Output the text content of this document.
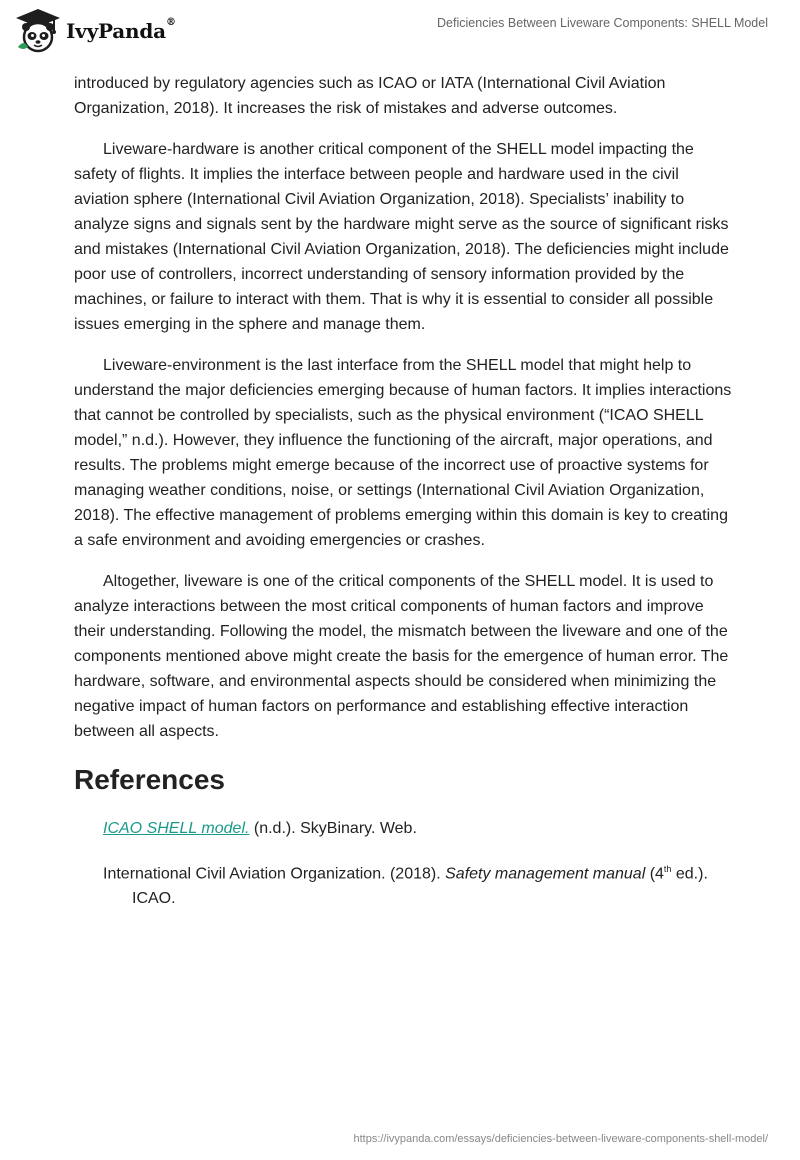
IvyPanda®	Deficiencies Between Liveware Components: SHELL Model

introduced by regulatory agencies such as ICAO or IATA (International Civil Aviation Organization, 2018). It increases the risk of mistakes and adverse outcomes.

Liveware-hardware is another critical component of the SHELL model impacting the safety of flights. It implies the interface between people and hardware used in the civil aviation sphere (International Civil Aviation Organization, 2018). Specialists’ inability to analyze signs and signals sent by the hardware might serve as the source of significant risks and mistakes (International Civil Aviation Organization, 2018). The deficiencies might include poor use of controllers, incorrect understanding of sensory information provided by the machines, or failure to interact with them. That is why it is essential to consider all possible issues emerging in the sphere and manage them.

Liveware-environment is the last interface from the SHELL model that might help to understand the major deficiencies emerging because of human factors. It implies interactions that cannot be controlled by specialists, such as the physical environment (“ICAO SHELL model,” n.d.). However, they influence the functioning of the aircraft, major operations, and results. The problems might emerge because of the incorrect use of proactive systems for managing weather conditions, noise, or settings (International Civil Aviation Organization, 2018). The effective management of problems emerging within this domain is key to creating a safe environment and avoiding emergencies or crashes.

Altogether, liveware is one of the critical components of the SHELL model. It is used to analyze interactions between the most critical components of human factors and improve their understanding. Following the model, the mismatch between the liveware and one of the components mentioned above might create the basis for the emergence of human error. The hardware, software, and environmental aspects should be considered when minimizing the negative impact of human factors on performance and establishing effective interaction between all aspects.

References

ICAO SHELL model. (n.d.). SkyBinary. Web.

International Civil Aviation Organization. (2018). Safety management manual (4th ed.). ICAO.

https://ivypanda.com/essays/deficiencies-between-liveware-components-shell-model/
